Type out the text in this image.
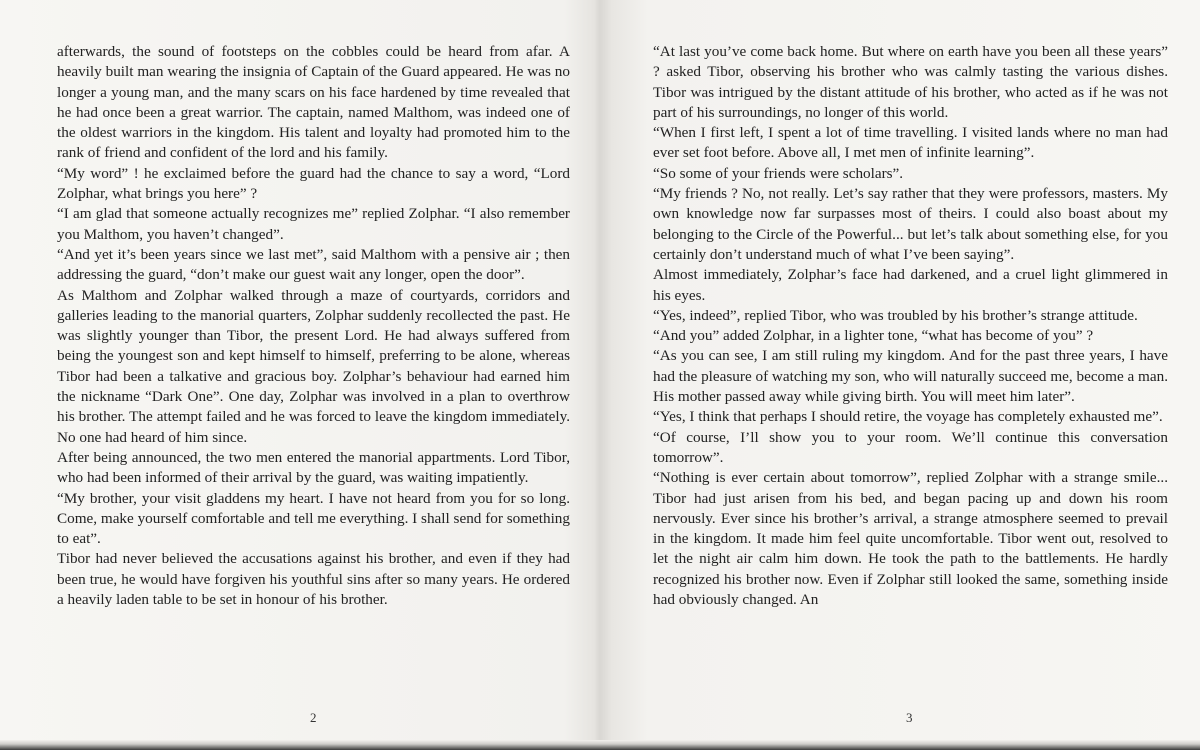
afterwards, the sound of footsteps on the cobbles could be heard from afar. A heavily built man wearing the insignia of Captain of the Guard appeared. He was no longer a young man, and the many scars on his face hardened by time revealed that he had once been a great warrior. The captain, named Malthom, was indeed one of the oldest warriors in the kingdom. His talent and loyalty had promoted him to the rank of friend and confident of the lord and his family.

“My word” ! he exclaimed before the guard had the chance to say a word, “Lord Zolphar, what brings you here” ?

“I am glad that someone actually recognizes me” replied Zolphar. “I also remember you Malthom, you haven’t changed”.

“And yet it’s been years since we last met”, said Malthom with a pensive air ; then addressing the guard, “don’t make our guest wait any longer, open the door”.

As Malthom and Zolphar walked through a maze of courtyards, corridors and galleries leading to the manorial quarters, Zolphar suddenly recollected the past. He was slightly younger than Tibor, the present Lord. He had always suffered from being the youngest son and kept himself to himself, preferring to be alone, whereas Tibor had been a talkative and gracious boy. Zolphar’s behaviour had earned him the nickname “Dark One”. One day, Zolphar was involved in a plan to overthrow his brother. The attempt failed and he was forced to leave the kingdom immediately. No one had heard of him since.

After being announced, the two men entered the manorial appartments. Lord Tibor, who had been informed of their arrival by the guard, was waiting impatiently.

“My brother, your visit gladdens my heart. I have not heard from you for so long. Come, make yourself comfortable and tell me everything. I shall send for something to eat”.

Tibor had never believed the accusations against his brother, and even if they had been true, he would have forgiven his youthful sins after so many years. He ordered a heavily laden table to be set in honour of his brother.

2

“At last you’ve come back home. But where on earth have you been all these years” ? asked Tibor, observing his brother who was calmly tasting the various dishes. Tibor was intrigued by the distant attitude of his brother, who acted as if he was not part of his surroundings, no longer of this world.

“When I first left, I spent a lot of time travelling. I visited lands where no man had ever set foot before. Above all, I met men of infinite learning”.

“So some of your friends were scholars”.

“My friends ? No, not really. Let’s say rather that they were professors, masters. My own knowledge now far surpasses most of theirs. I could also boast about my belonging to the Circle of the Powerful... but let’s talk about something else, for you certainly don’t understand much of what I’ve been saying”.

Almost immediately, Zolphar’s face had darkened, and a cruel light glimmered in his eyes.

“Yes, indeed”, replied Tibor, who was troubled by his brother’s strange attitude.

“And you” added Zolphar, in a lighter tone, “what has become of you” ?

“As you can see, I am still ruling my kingdom. And for the past three years, I have had the pleasure of watching my son, who will naturally succeed me, become a man. His mother passed away while giving birth. You will meet him later”.

“Yes, I think that perhaps I should retire, the voyage has completely exhausted me”.

“Of course, I’ll show you to your room. We’ll continue this conversation tomorrow”.

“Nothing is ever certain about tomorrow”, replied Zolphar with a strange smile... Tibor had just arisen from his bed, and began pacing up and down his room nervously. Ever since his brother’s arrival, a strange atmosphere seemed to prevail in the kingdom. It made him feel quite uncomfortable. Tibor went out, resolved to let the night air calm him down. He took the path to the battlements. He hardly recognized his brother now. Even if Zolphar still looked the same, something inside had obviously changed. An

3
